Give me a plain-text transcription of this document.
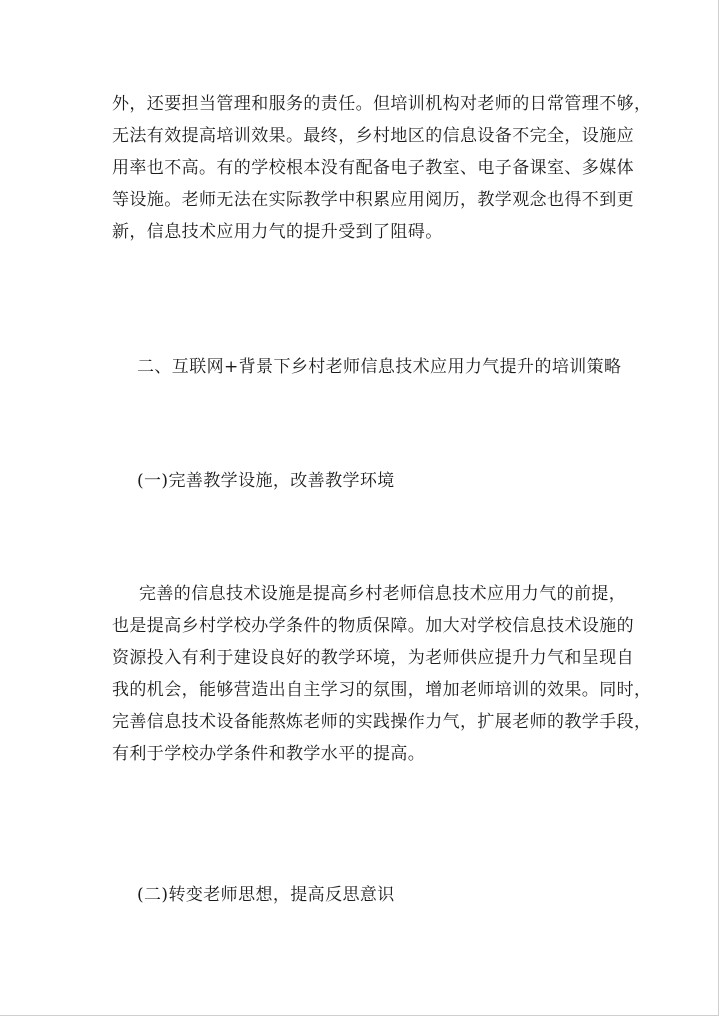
外，还要担当管理和服务的责任。但培训机构对老师的日常管理不够，
无法有效提高培训效果。最终，乡村地区的信息设备不完全，设施应
用率也不高。有的学校根本没有配备电子教室、电子备课室、多媒体
等设施。老师无法在实际教学中积累应用阅历，教学观念也得不到更
新，信息技术应用力气的提升受到了阻碍。

二、互联网+背景下乡村老师信息技术应用力气提升的培训策略
(一)完善教学设施，改善教学环境

完善的信息技术设施是提高乡村老师信息技术应用力气的前提，
也是提高乡村学校办学条件的物质保障。加大对学校信息技术设施的
资源投入有利于建设良好的教学环境，为老师供应提升力气和呈现自
我的机会，能够营造出自主学习的氛围，增加老师培训的效果。同时，
完善信息技术设备能熬炼老师的实践操作力气，扩展老师的教学手段，
有利于学校办学条件和教学水平的提高。

(二)转变老师思想，提高反思意识
